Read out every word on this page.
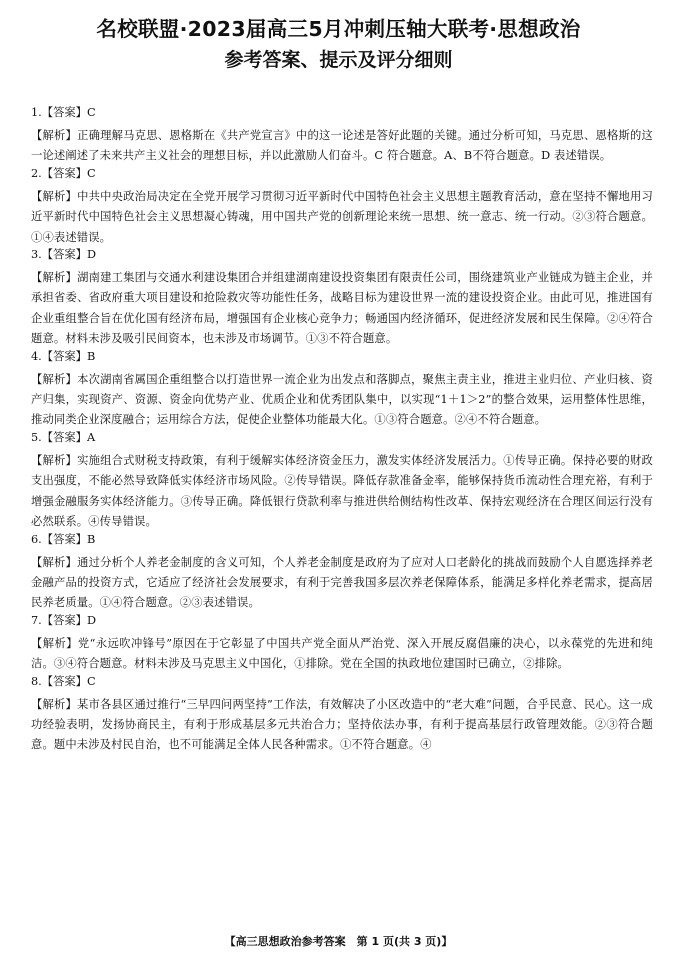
名校联盟·2023届高三5月冲刺压轴大联考·思想政治
参考答案、提示及评分细则
1.【答案】C
【解析】正确理解马克思、恩格斯在《共产党宣言》中的这一论述是答好此题的关键。通过分析可知，马克思、恩格斯的这一论述阐述了未来共产主义社会的理想目标，并以此激励人们奋斗。C 符合题意。A、B不符合题意。D 表述错误。
2.【答案】C
【解析】中共中央政治局决定在全党开展学习贯彻习近平新时代中国特色社会主义思想主题教育活动，意在坚持不懈地用习近平新时代中国特色社会主义思想凝心铸魂，用中国共产党的创新理论来统一思想、统一意志、统一行动。②③符合题意。①④表述错误。
3.【答案】D
【解析】湖南建工集团与交通水利建设集团合并组建湖南建设投资集团有限责任公司，围绕建筑业产业链成为链主企业，并承担省委、省政府重大项目建设和抢险救灾等功能性任务，战略目标为建设世界一流的建设投资企业。由此可见，推进国有企业重组整合旨在优化国有经济布局，增强国有企业核心竞争力；畅通国内经济循环，促进经济发展和民生保障。②④符合题意。材料未涉及吸引民间资本，也未涉及市场调节。①③不符合题意。
4.【答案】B
【解析】本次湖南省属国企重组整合以打造世界一流企业为出发点和落脚点，聚焦主责主业，推进主业归位、产业归核、资产归集，实现资产、资源、资金向优势产业、优质企业和优秀团队集中，以实现“1＋1＞2”的整合效果，运用整体性思维，推动同类企业深度融合；运用综合方法，促使企业整体功能最大化。①③符合题意。②④不符合题意。
5.【答案】A
【解析】实施组合式财税支持政策，有利于缓解实体经济资金压力，激发实体经济发展活力。①传导正确。保持必要的财政支出强度，不能必然导致降低实体经济市场风险。②传导错误。降低存款准备金率，能够保持货币流动性合理充裕，有利于增强金融服务实体经济能力。③传导正确。降低银行贷款利率与推进供给侧结构性改革、保持宏观经济在合理区间运行没有必然联系。④传导错误。
6.【答案】B
【解析】通过分析个人养老金制度的含义可知，个人养老金制度是政府为了应对人口老龄化的挑战而鼓励个人自愿选择养老金融产品的投资方式，它适应了经济社会发展要求，有利于完善我国多层次养老保障体系，能满足多样化养老需求，提高居民养老质量。①④符合题意。②③表述错误。
7.【答案】D
【解析】党“永远吹冲锋号”原因在于它彰显了中国共产党全面从严治党、深入开展反腐倡廉的决心，以永葆党的先进和纯洁。③④符合题意。材料未涉及马克思主义中国化，①排除。党在全国的执政地位建国时已确立，②排除。
8.【答案】C
【解析】某市各县区通过推行“三早四问两坚持”工作法，有效解决了小区改造中的“老大难”问题，合乎民意、民心。这一成功经验表明，发扬协商民主，有利于形成基层多元共治合力；坚持依法办事，有利于提高基层行政管理效能。②③符合题意。题中未涉及村民自治，也不可能满足全体人民各种需求。①不符合题意。④
【高三思想政治参考答案　第 1 页(共 3 页)】
